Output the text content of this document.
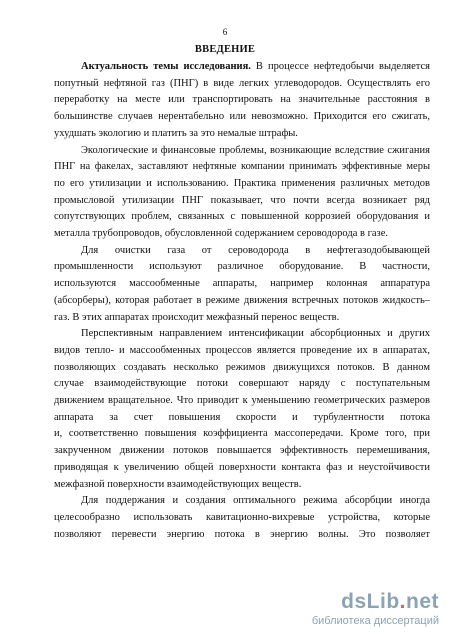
6
ВВЕДЕНИЕ

Актуальность темы исследования. В процессе нефтедобычи выделяется
попутный нефтяной газ (ПНГ) в виде легких углеводородов. Осуществлять его
переработку на месте или транспортировать на значительные расстояния в
большинстве случаев нерентабельно или невозможно. Приходится его сжигать,
ухудшать экологию и платить за это немалые штрафы.

Экологические и финансовые проблемы, возникающие вследствие сжигания
ПНГ на факелах, заставляют нефтяные компании принимать эффективные меры
по его утилизации и использованию. Практика применения различных методов
промысловой утилизации ПНГ показывает, что почти всегда возникает ряд
сопутствующих проблем, связанных с повышенной коррозией оборудования и
металла трубопроводов, обусловленной содержанием сероводорода в газе.

Для очистки газа от сероводорода в нефтегазодобывающей
промышленности используют различное оборудование. В частности,
используются массообменные аппараты, например колонная аппаратура
(абсорберы), которая работает в режиме движения встречных потоков жидкость–
газ. В этих аппаратах происходит межфазный перенос веществ.

Перспективным направлением интенсификации абсорбционных и других
видов тепло- и массообменных процессов является проведение их в аппаратах,
позволяющих создавать несколько режимов движущихся потоков. В данном
случае взаимодействующие потоки совершают наряду с поступательным
движением вращательное. Что приводит к уменьшению геометрических размеров
аппарата за счет повышения скорости и турбулентности потока
и, соответственно повышения коэффициента массопередачи. Кроме того, при
закрученном движении потоков повышается эффективность перемешивания,
приводящая к увеличению общей поверхности контакта фаз и неустойчивости
межфазной поверхности взаимодействующих веществ.

Для поддержания и создания оптимального режима абсорбции иногда
целесообразно использовать кавитационно-вихревые устройства, которые
позволяют перевести энергию потока в энергию волны. Это позволяет

dsLib.net
библиотека диссертаций
